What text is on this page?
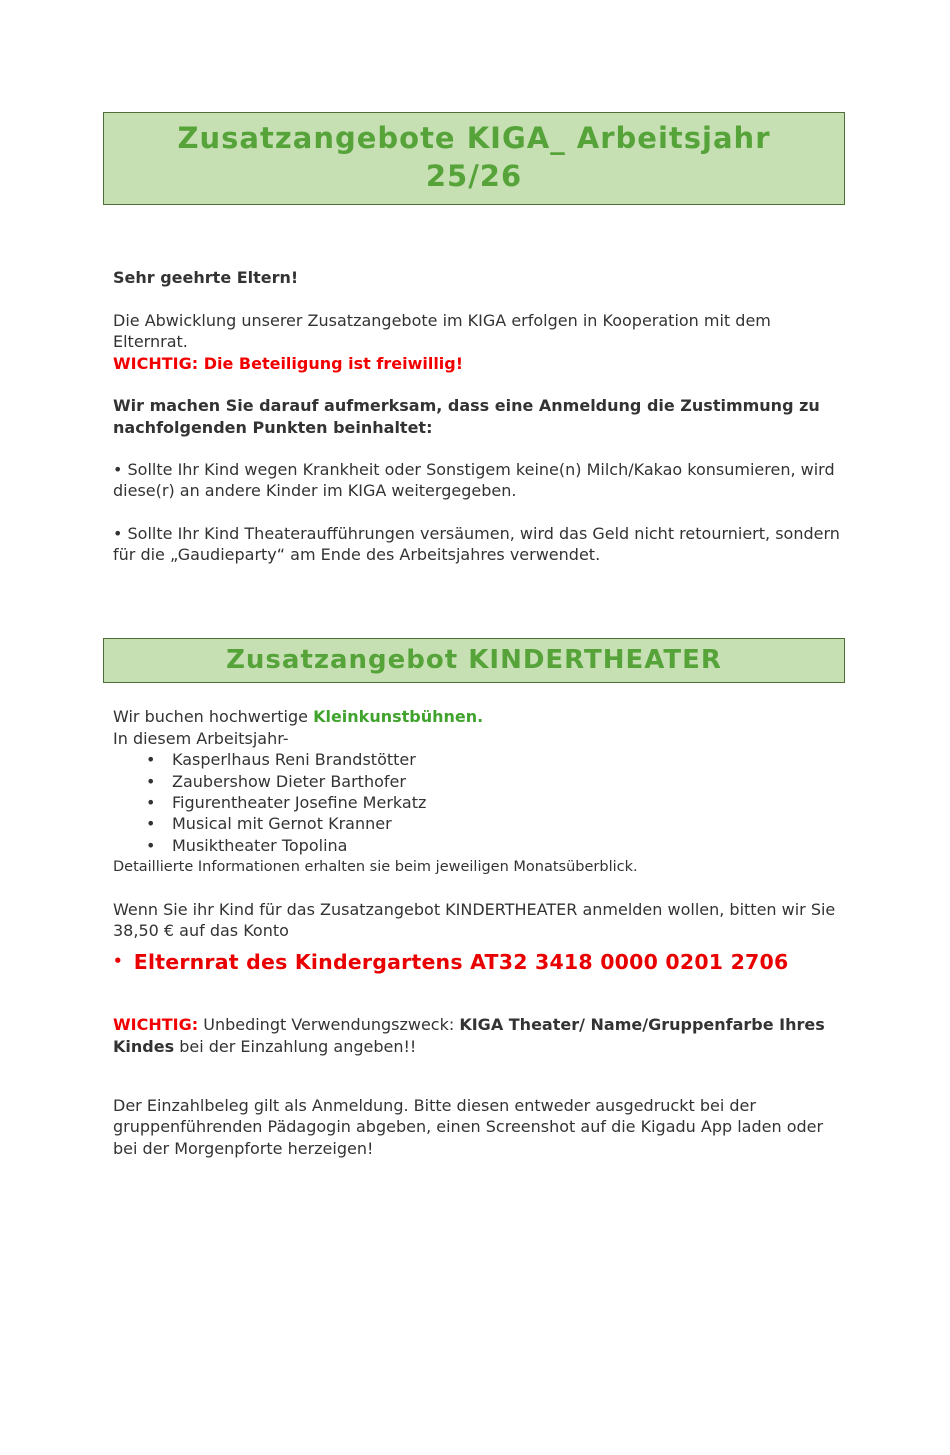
Zusatzangebote KIGA_ Arbeitsjahr
25/26

Sehr geehrte Eltern!

Die Abwicklung unserer Zusatzangebote im KIGA erfolgen in Kooperation mit dem Elternrat.
WICHTIG: Die Beteiligung ist freiwillig!

Wir machen Sie darauf aufmerksam, dass eine Anmeldung die Zustimmung zu nachfolgenden Punkten beinhaltet:

• Sollte Ihr Kind wegen Krankheit oder Sonstigem keine(n) Milch/Kakao konsumieren, wird diese(r) an andere Kinder im KIGA weitergegeben.

• Sollte Ihr Kind Theateraufführungen versäumen, wird das Geld nicht retourniert, sondern für die „Gaudieparty“ am Ende des Arbeitsjahres verwendet.

Zusatzangebot KINDERTHEATER
Wir buchen hochwertige Kleinkunstbühnen.
In diesem Arbeitsjahr-
• Kasperlhaus Reni Brandstötter
• Zaubershow Dieter Barthofer
• Figurentheater Josefine Merkatz
• Musical mit Gernot Kranner
• Musiktheater Topolina
Detaillierte Informationen erhalten sie beim jeweiligen Monatsüberblick.

Wenn Sie ihr Kind für das Zusatzangebot KINDERTHEATER anmelden wollen, bitten wir Sie 38,50 € auf das Konto

• Elternrat des Kindergartens AT32 3418 0000 0201 2706

WICHTIG: Unbedingt Verwendungszweck: KIGA Theater/ Name/Gruppenfarbe Ihres Kindes bei der Einzahlung angeben!!

Der Einzahlbeleg gilt als Anmeldung. Bitte diesen entweder ausgedruckt bei der gruppenführenden Pädagogin abgeben, einen Screenshot auf die Kigadu App laden oder bei der Morgenpforte herzeigen!
